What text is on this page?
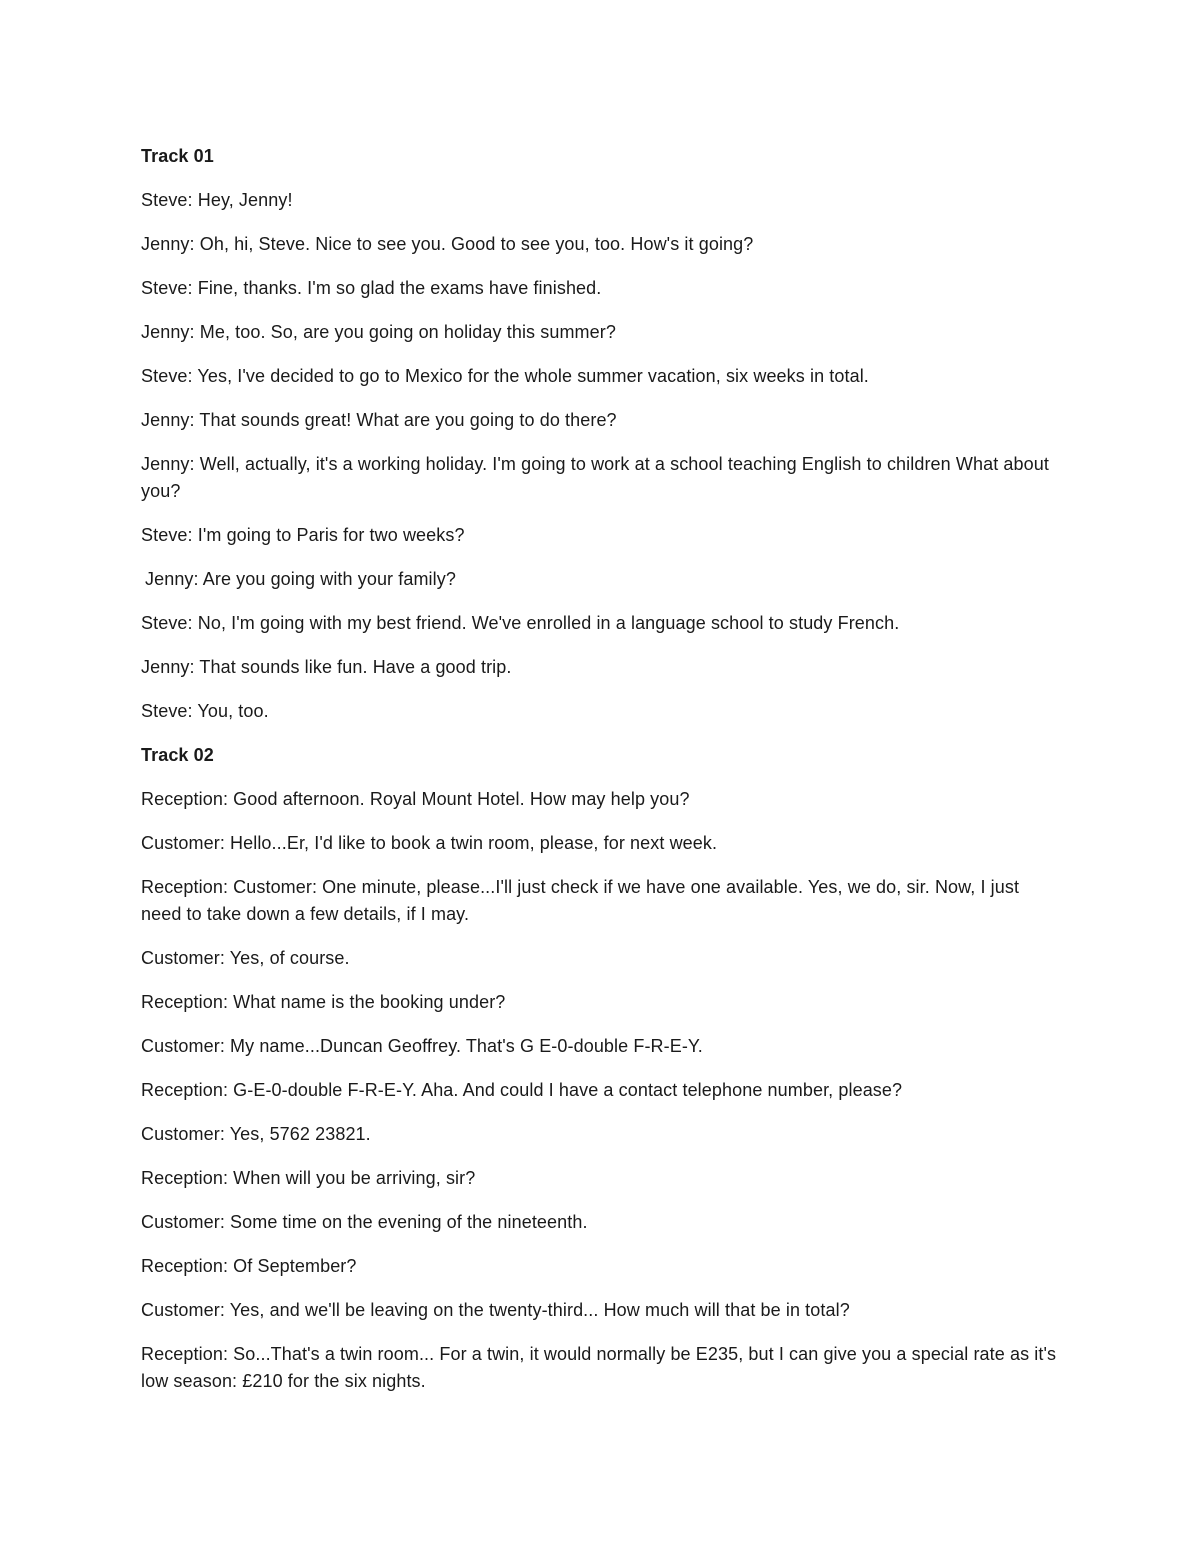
Track 01
Steve: Hey, Jenny!
Jenny: Oh, hi, Steve. Nice to see you. Good to see you, too. How's it going?
Steve: Fine, thanks. I'm so glad the exams have finished.
Jenny: Me, too. So, are you going on holiday this summer?
Steve: Yes, I've decided to go to Mexico for the whole summer vacation, six weeks in total.
Jenny: That sounds great! What are you going to do there?
Jenny: Well, actually, it's a working holiday. I'm going to work at a school teaching English to children What about you?
Steve: I'm going to Paris for two weeks?
Jenny: Are you going with your family?
Steve: No, I'm going with my best friend. We've enrolled in a language school to study French.
Jenny: That sounds like fun. Have a good trip.
Steve: You, too.
Track 02
Reception: Good afternoon. Royal Mount Hotel. How may help you?
Customer: Hello...Er, I'd like to book a twin room, please, for next week.
Reception: Customer: One minute, please...I'll just check if we have one available. Yes, we do, sir. Now, I just need to take down a few details, if I may.
Customer: Yes, of course.
Reception: What name is the booking under?
Customer: My name...Duncan Geoffrey. That's G E-0-double F-R-E-Y.
Reception: G-E-0-double F-R-E-Y. Aha. And could I have a contact telephone number, please?
Customer: Yes, 5762 23821.
Reception: When will you be arriving, sir?
Customer: Some time on the evening of the nineteenth.
Reception: Of September?
Customer: Yes, and we'll be leaving on the twenty-third... How much will that be in total?
Reception: So...That's a twin room... For a twin, it would normally be E235, but I can give you a special rate as it's low season: £210 for the six nights.
